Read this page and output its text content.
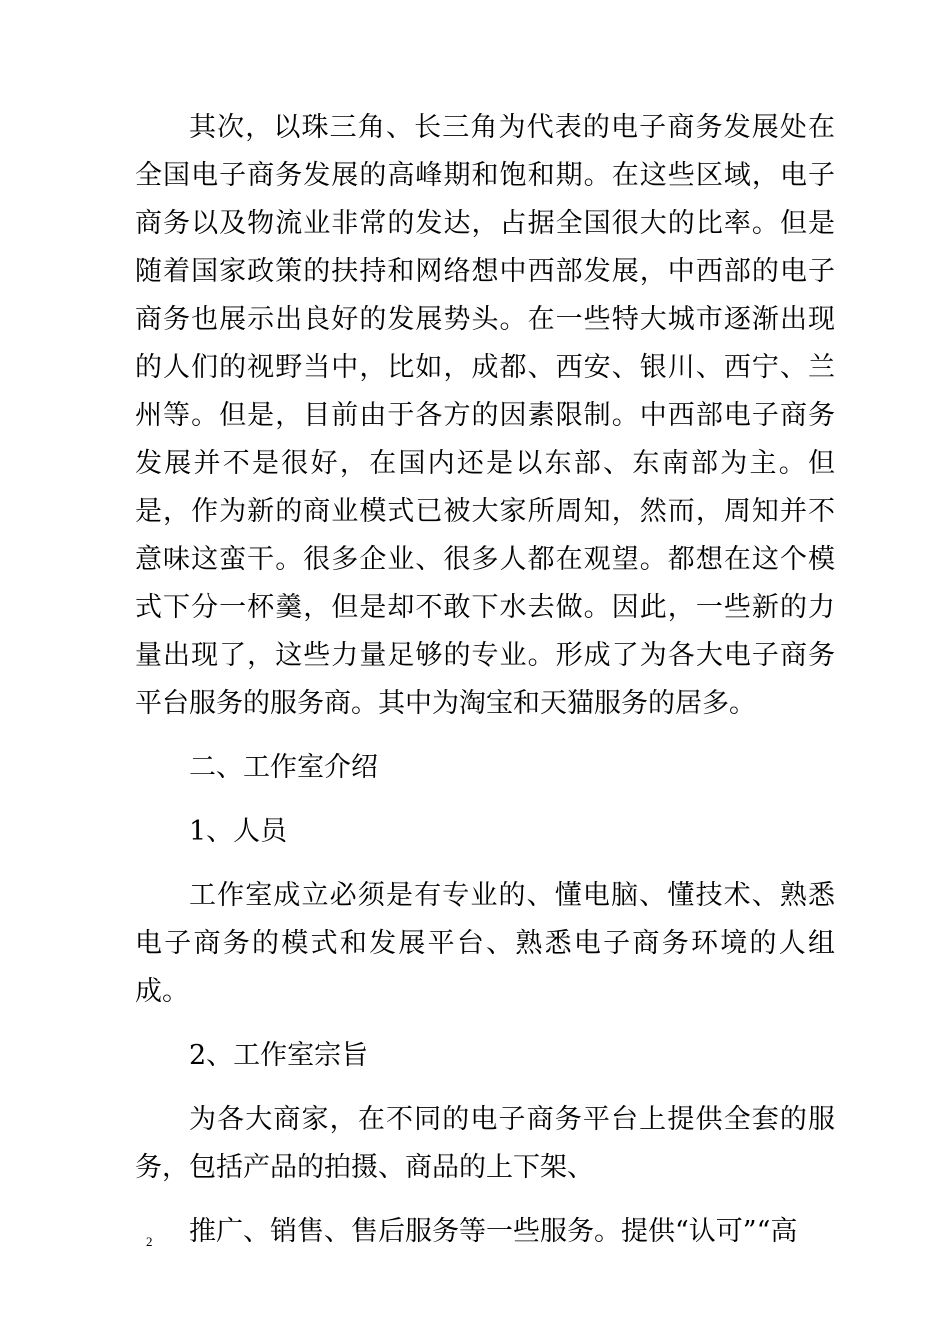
其次，以珠三角、长三角为代表的电子商务发展处在全国电子商务发展的高峰期和饱和期。在这些区域，电子商务以及物流业非常的发达，占据全国很大的比率。但是随着国家政策的扶持和网络想中西部发展，中西部的电子商务也展示出良好的发展势头。在一些特大城市逐渐出现的人们的视野当中，比如，成都、西安、银川、西宁、兰州等。但是，目前由于各方的因素限制。中西部电子商务发展并不是很好，在国内还是以东部、东南部为主。但是，作为新的商业模式已被大家所周知，然而，周知并不意味这蛮干。很多企业、很多人都在观望。都想在这个模式下分一杯羹，但是却不敢下水去做。因此，一些新的力量出现了，这些力量足够的专业。形成了为各大电子商务平台服务的服务商。其中为淘宝和天猫服务的居多。

二、工作室介绍

1、人员

工作室成立必须是有专业的、懂电脑、懂技术、熟悉电子商务的模式和发展平台、熟悉电子商务环境的人组成。

2、工作室宗旨

为各大商家，在不同的电子商务平台上提供全套的服务，包括产品的拍摄、商品的上下架、

推广、销售、售后服务等一些服务。提供“认可”“高

2
